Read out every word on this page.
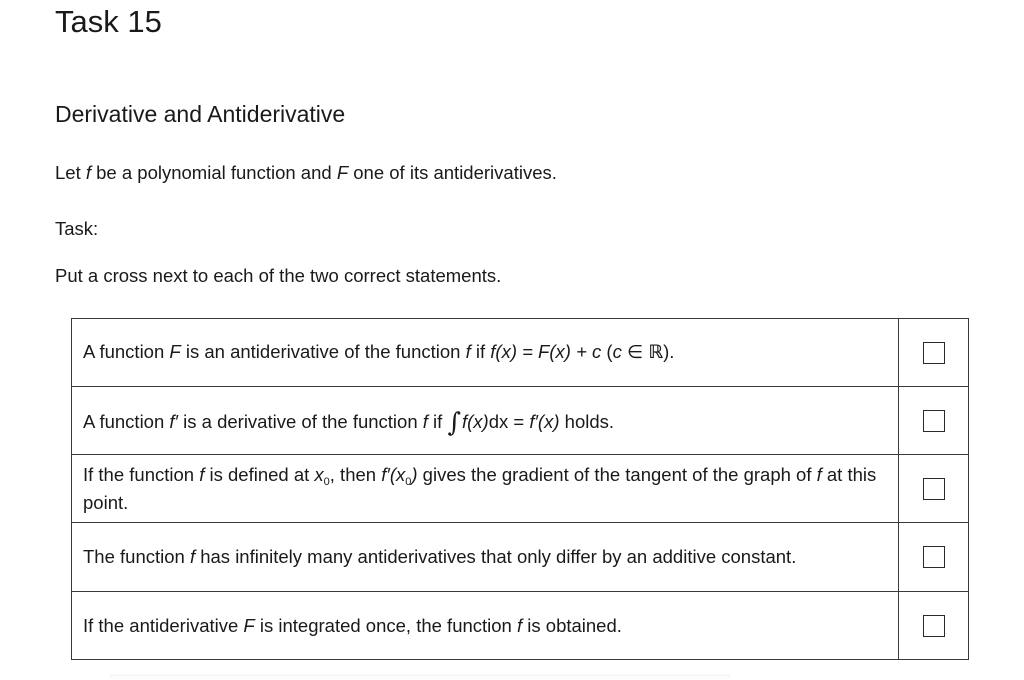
Task 15
Derivative and Antiderivative

Let f be a polynomial function and F one of its antiderivatives.

Task:

Put a cross next to each of the two correct statements.

A function F is an antiderivative of the function f if f(x) = F(x) + c (c ∈ ℝ).	
A function f′ is a derivative of the function f if ∫f(x)dx = f′(x) holds.	
If the function f is defined at $x_0$, then $f'(x_0)$ gives the gradient of the tangent of the graph of f at this point.	
The function f has infinitely many antiderivatives that only differ by an additive constant.	
If the antiderivative F is integrated once, the function f is obtained.	
